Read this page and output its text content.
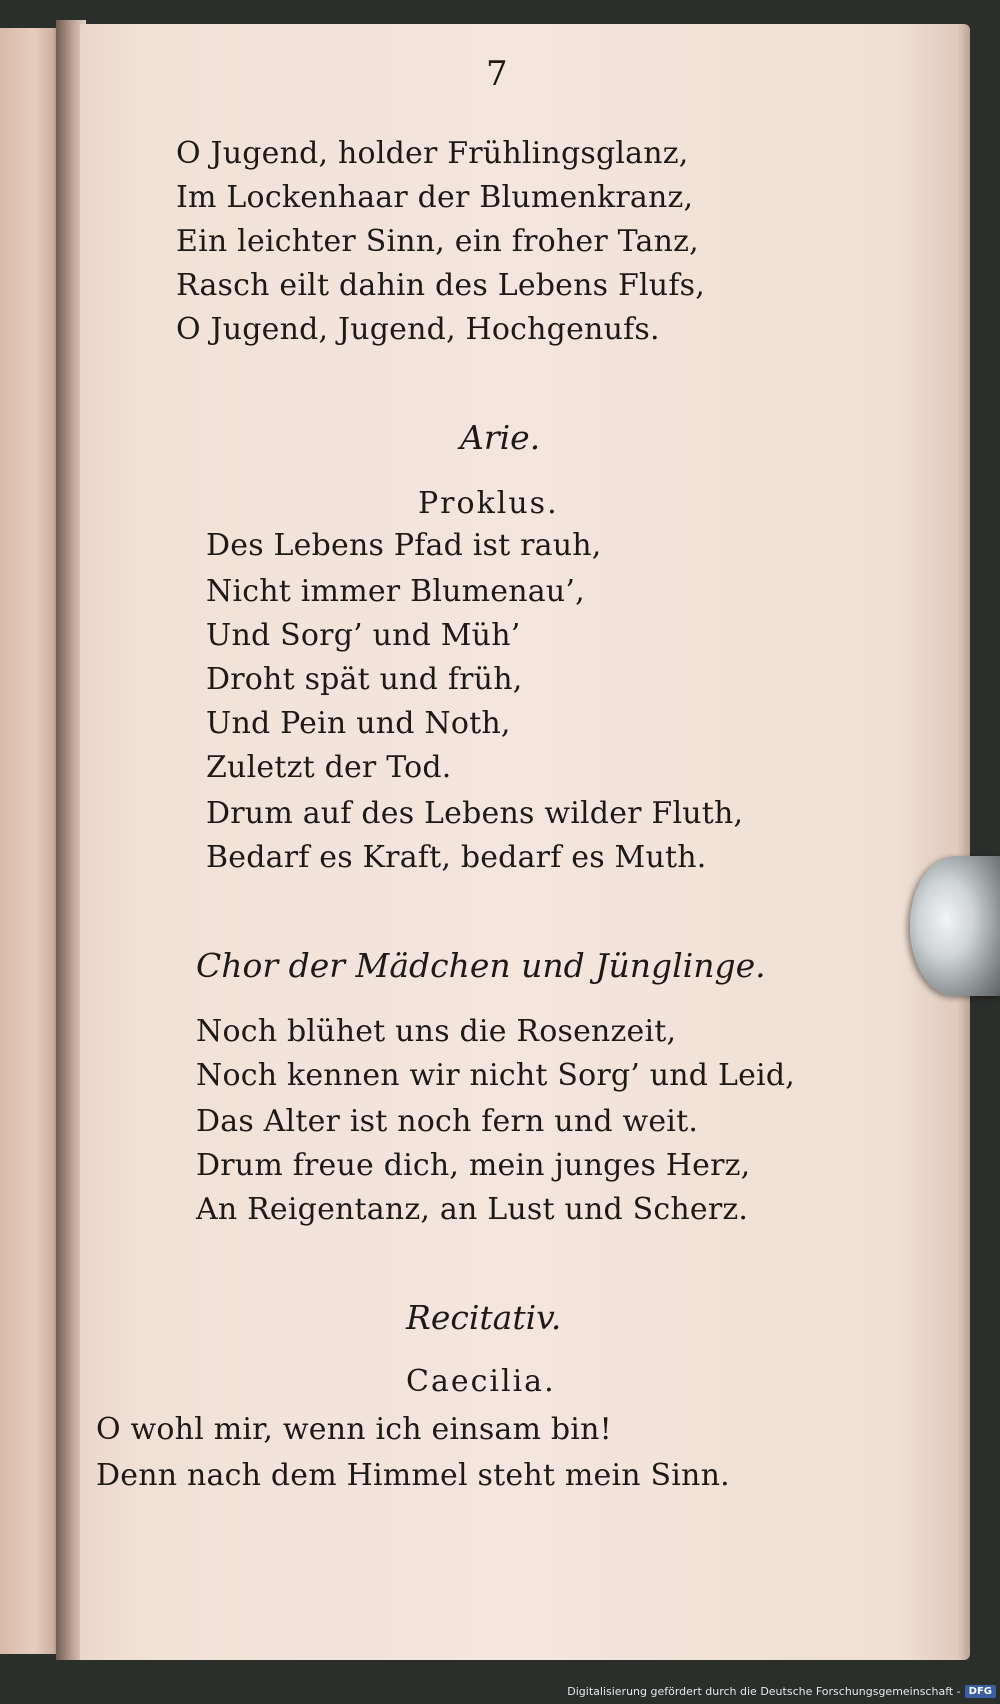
7
O Jugend, holder Frühlingsglanz,
Im Lockenhaar der Blumenkranz,
Ein leichter Sinn, ein froher Tanz,
Rasch eilt dahin des Lebens Flufs,
O Jugend, Jugend, Hochgenufs.
Arie.
Proklus.
Des Lebens Pfad ist rauh,
Nicht immer Blumenau’,
Und Sorg’ und Müh’
Droht spät und früh,
Und Pein und Noth,
Zuletzt der Tod.
Drum auf des Lebens wilder Fluth,
Bedarf es Kraft, bedarf es Muth.
Chor der Mädchen und Jünglinge.
Noch blühet uns die Rosenzeit,
Noch kennen wir nicht Sorg’ und Leid,
Das Alter ist noch fern und weit.
Drum freue dich, mein junges Herz,
An Reigentanz, an Lust und Scherz.
Recitativ.
Caecilia.
O wohl mir, wenn ich einsam bin!
Denn nach dem Himmel steht mein Sinn.
Digitalisierung gefördert durch die Deutsche Forschungsgemeinschaft - DFG
